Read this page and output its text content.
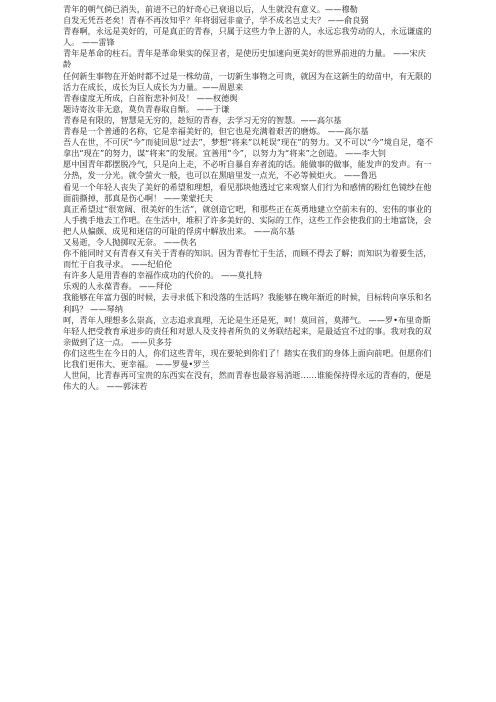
青年的朝气倘已消失，前进不已的好奇心已衰退以后，人生就没有意义。——穆勒

自发无凭吾老矣！青春不再汝知乎？年将弱冠非童子，学不成名岂丈夫？ ——俞良弼

青春啊，永远是美好的，可是真正的青春，只属于这些力争上游的人，永远忘我劳动的人，永远谦虚的人。 ——雷锋

青年是革命的柱石。青年是革命果实的保卫者，是使历史加速向更美好的世界前进的力量。 ——宋庆龄

任何新生事物在开始时都不过是一株幼苗，一切新生事物之可贵，就因为在这新生的幼苗中，有无限的活力在成长，成长为巨人成长为力量。——周恩来

青春虚度无所成，白首衔悲补何及！ ——权德舆

题诗寄汝非无意，莫负青春取自惭。 ——于谦

青春是有限的，智慧是无穷的，趁短的青春，去学习无穷的智慧。——高尔基

青春是一个普通的名称，它是幸福美好的，但它也是充满着艰苦的磨炼。 ——高尔基

吾人在世，不可厌“今”而徒回思“过去”，梦想“将来”以耗误“现在”的努力。又不可以“今”境自足，毫不拿出“现在”的努力，谋“将来”的发展。宜善用“今”，以努力为“将来”之创造。 ——李大钊

愿中国青年都摆脱冷气，只是向上走，不必听自暴自弃者流的话。能做事的做事，能发声的发声。有一分热，发一分光。就令萤火一般，也可以在黑暗里发一点光，不必等候炬火。 ——鲁迅

看见一个年轻人丧失了美好的希望和理想，看见那块他透过它来观察人们行为和感情的粉红色镜纱在他面前撕掉，那真是伤心啊！ ——莱蒙托夫

真正希望过“很宽阔、很美好的生活”，就创造它吧，和那些正在英勇地建立空前未有的、宏伟的事业的人手携手地去工作吧。在生活中，堆积了许多美好的、实际的工作，这些工作会使我们的土地富饶，会把人从偏颇、成见和迷信的可耻的俘虏中解放出来。 ——高尔基

又易逝，令人抛掷叹无奈。 ——佚名

你不能同时又有青春又有关于青春的知识。因为青春忙于生活，而顾不得去了解；而知识为着要生活，而忙于自我寻求。 ——纪伯伦

有许多人是用青春的幸福作成功的代价的。 ——莫扎特

乐观的人永葆青春。 ——拜伦

我能够在年富力强的时候，去寻求低下和没落的生活吗？我能够在晚年渐近的时候，目标转向享乐和名利吗？ ——琴纳

呵，青年人理想多么崇高，立志追求真理，无论是生还是死，呵！莫回首，莫滞气。 ——罗•布里奇斯

年轻人把受教育承进步的责任和对恩人及支持者所负的义务联结起来，是最适宜不过的事。我对我的双亲做到了这一点。 ——贝多芬

你们这些生在今日的人，你们这些青年，现在要轮到你们了！踏实在我们的身体上面向前吧。但愿你们比我们更伟大、更幸福。 ——罗曼•罗兰

人世间，比青春再可宝贵的东西实在没有，然而青春也最容易消逝……谁能保持得永远的青春的，便是伟大的人。 ——郭沫若
